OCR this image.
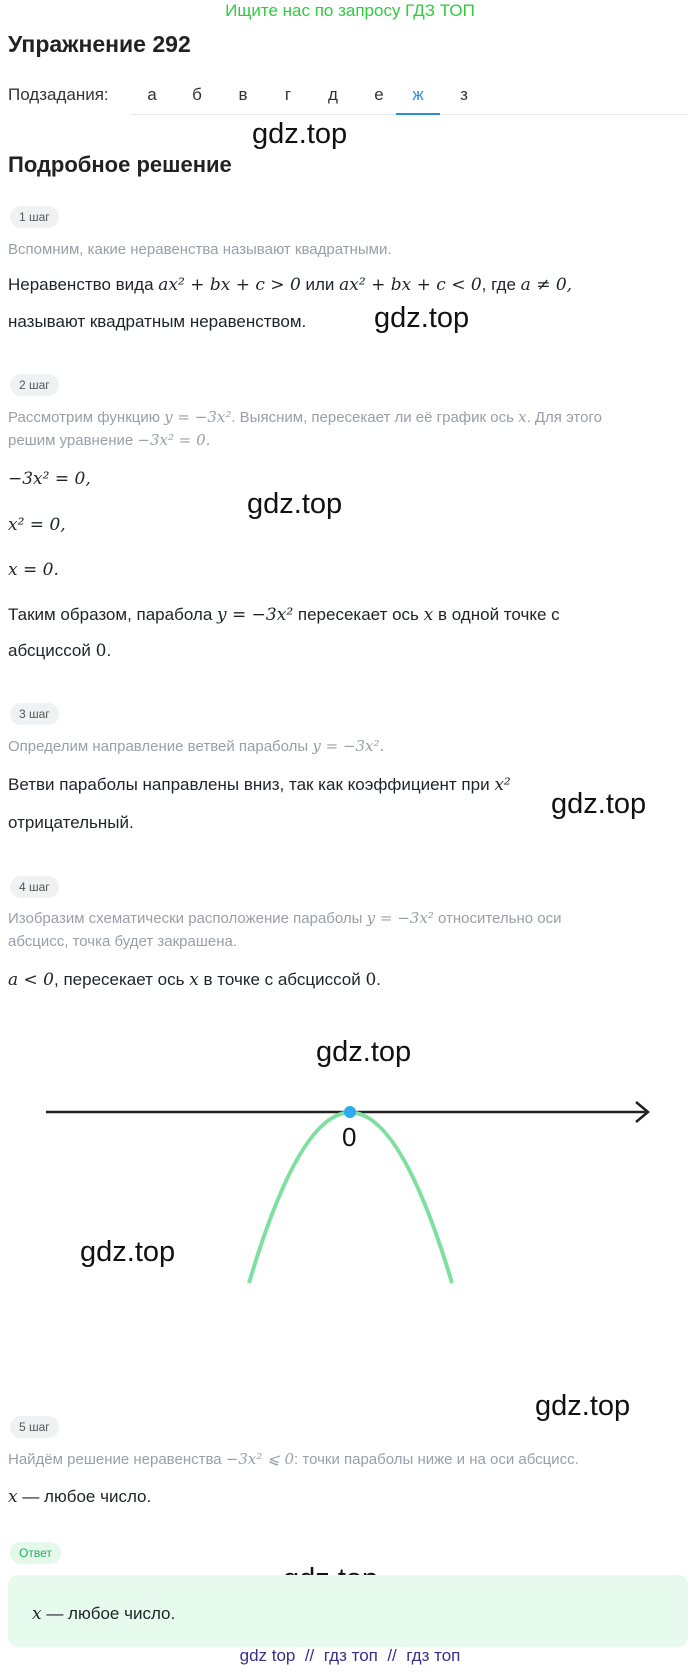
Ищите нас по запросу ГДЗ ТОП
Упражнение 292
Подзадания:	а	б	в	г	д	е	ж	з
Подробное решение
gdz.top
gdz.top
gdz.top
gdz.top
gdz.top
gdz.top
gdz.top
1 шаг
Вспомним, какие неравенства называют квадратными.
Неравенство вида ax² + bx + c > 0 или ax² + bx + c < 0, где a ≠ 0,
называют квадратным неравенством.
2 шаг
Рассмотрим функцию y = −3x². Выясним, пересекает ли её график ось x. Для этого
решим уравнение −3x² = 0.
−3x² = 0,
x² = 0,
x = 0.
Таким образом, парабола y = −3x² пересекает ось x в одной точке с
абсциссой 0.
3 шаг
Определим направление ветвей параболы y = −3x².
Ветви параболы направлены вниз, так как коэффициент при x²
отрицательный.
4 шаг
Изобразим схематически расположение параболы y = −3x² относительно оси
абсцисс, точка будет закрашена.
a < 0, пересекает ось x в точке с абсциссой 0.
0
5 шаг
Найдём решение неравенства −3x² ⩽ 0: точки параболы ниже и на оси абсцисс.
x — любое число.
Ответ
x — любое число.
gdz top // гдз топ // гдз топ
